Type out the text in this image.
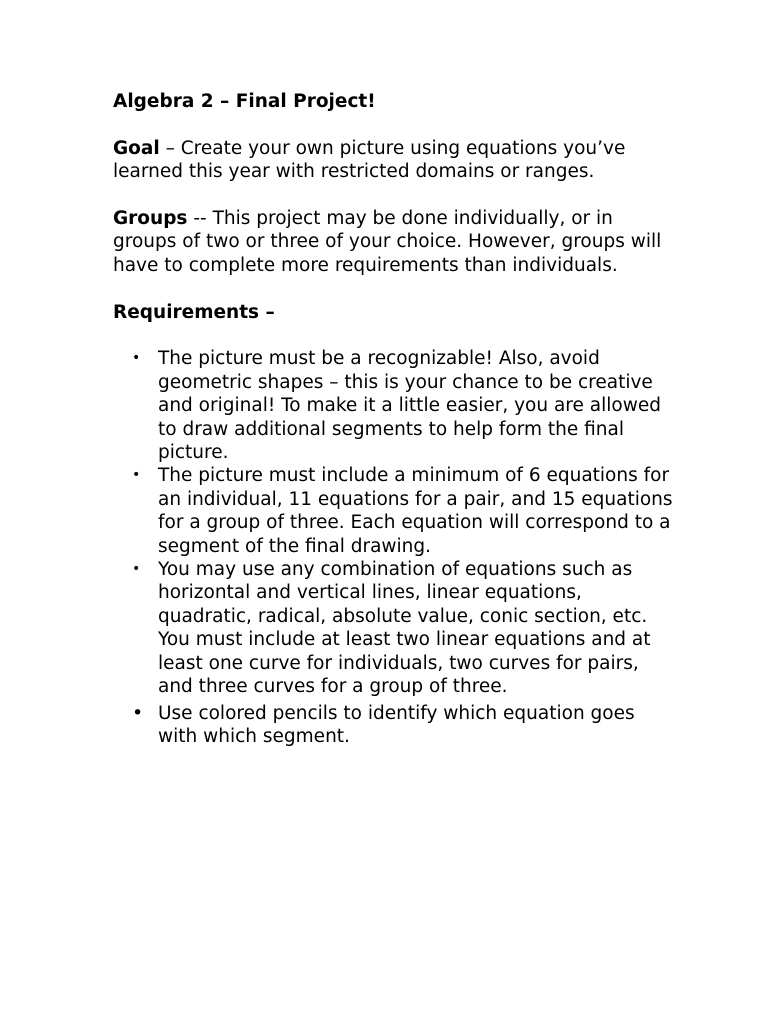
Algebra 2 – Final Project!

Goal – Create your own picture using equations you’ve learned this year with restricted domains or ranges.

Groups -- This project may be done individually, or in groups of two or three of your choice. However, groups will have to complete more requirements than individuals.

Requirements –

• The picture must be a recognizable! Also, avoid geometric shapes – this is your chance to be creative and original! To make it a little easier, you are allowed to draw additional segments to help form the final picture.
• The picture must include a minimum of 6 equations for an individual, 11 equations for a pair, and 15 equations for a group of three. Each equation will correspond to a segment of the final drawing.
• You may use any combination of equations such as horizontal and vertical lines, linear equations, quadratic, radical, absolute value, conic section, etc. You must include at least two linear equations and at least one curve for individuals, two curves for pairs, and three curves for a group of three.
• Use colored pencils to identify which equation goes with which segment.
